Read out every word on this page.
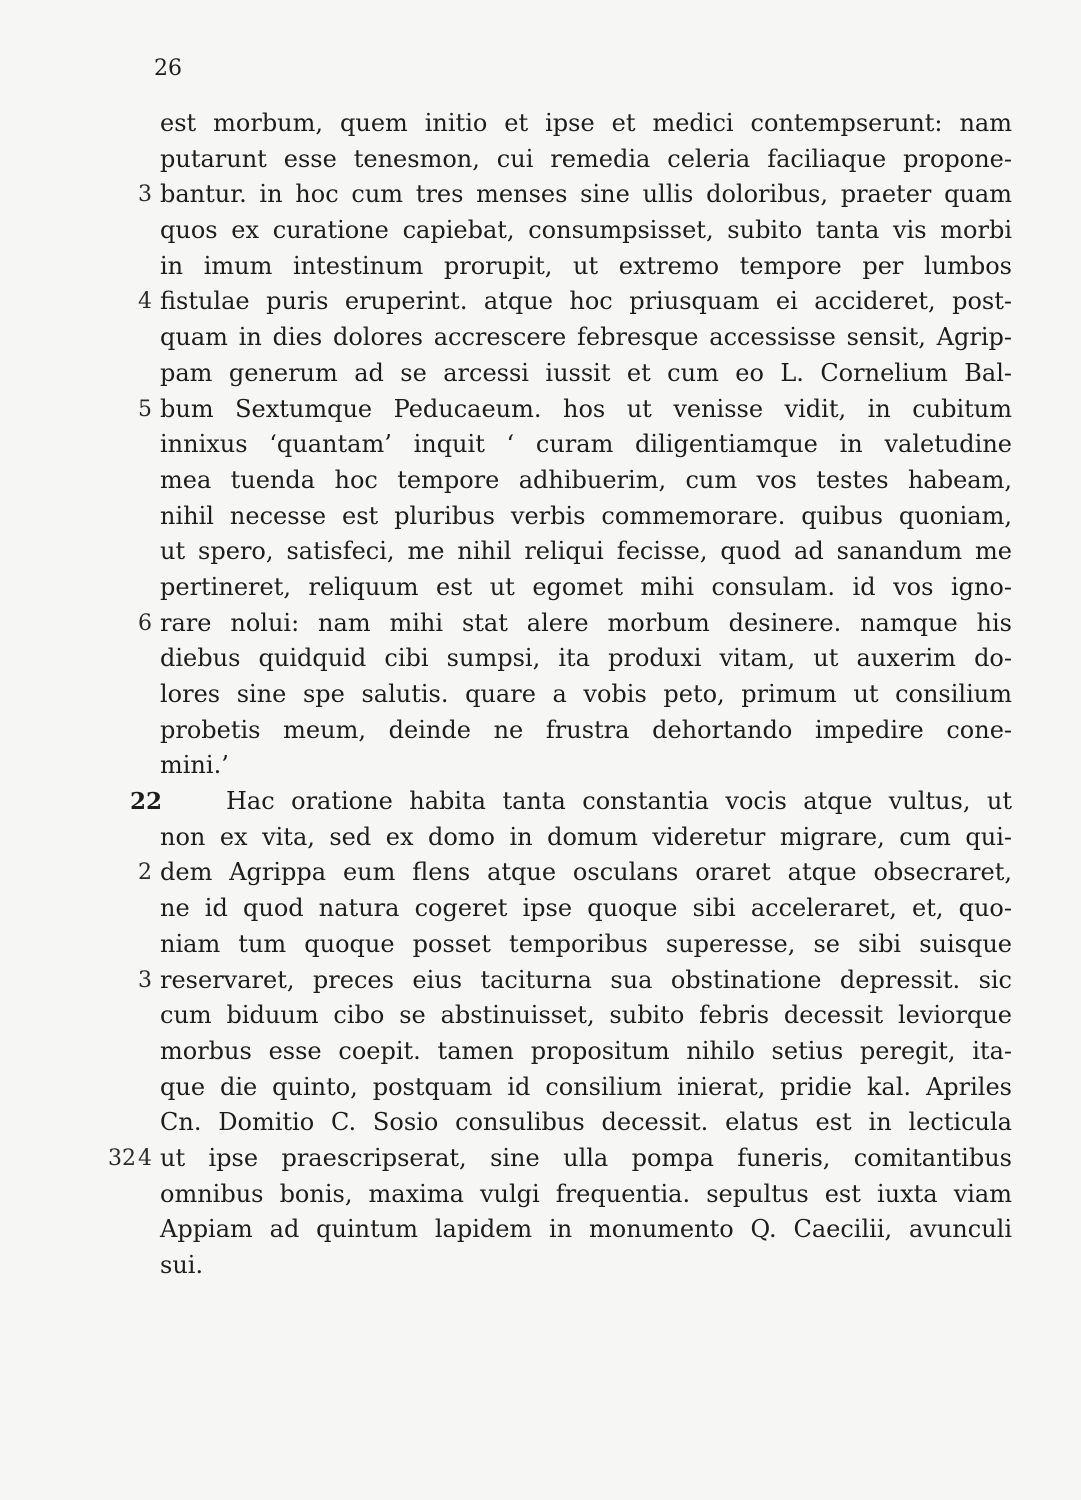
26
est morbum, quem initio et ipse et medici contempserunt: nam
putarunt esse tenesmon, cui remedia celeria faciliaque propone-
3 bantur. in hoc cum tres menses sine ullis doloribus, praeter quam
quos ex curatione capiebat, consumpsisset, subito tanta vis morbi
in imum intestinum prorupit, ut extremo tempore per lumbos
4 fistulae puris eruperint. atque hoc priusquam ei accideret, post-
quam in dies dolores accrescere febresque accessisse sensit, Agrip-
pam generum ad se arcessi iussit et cum eo L. Cornelium Bal-
5 bum Sextumque Peducaeum. hos ut venisse vidit, in cubitum
innixus ‘quantam’ inquit ‘ curam diligentiamque in valetudine
mea tuenda hoc tempore adhibuerim, cum vos testes habeam,
nihil necesse est pluribus verbis commemorare. quibus quoniam,
ut spero, satisfeci, me nihil reliqui fecisse, quod ad sanandum me
pertineret, reliquum est ut egomet mihi consulam. id vos igno-
6 rare nolui: nam mihi stat alere morbum desinere. namque his
diebus quidquid cibi sumpsi, ita produxi vitam, ut auxerim do-
lores sine spe salutis. quare a vobis peto, primum ut consilium
probetis meum, deinde ne frustra dehortando impedire cone-
mini.’
22	Hac oratione habita tanta constantia vocis atque vultus, ut
non ex vita, sed ex domo in domum videretur migrare, cum qui-
2 dem Agrippa eum flens atque osculans oraret atque obsecraret,
ne id quod natura cogeret ipse quoque sibi acceleraret, et, quo-
niam tum quoque posset temporibus superesse, se sibi suisque
3 reservaret, preces eius taciturna sua obstinatione depressit. sic
cum biduum cibo se abstinuisset, subito febris decessit leviorque
morbus esse coepit. tamen propositum nihilo setius peregit, ita-
que die quinto, postquam id consilium inierat, pridie kal. Apriles
Cn. Domitio C. Sosio consulibus decessit. elatus est in lecticula
32 4 ut ipse praescripserat, sine ulla pompa funeris, comitantibus
omnibus bonis, maxima vulgi frequentia. sepultus est iuxta viam
Appiam ad quintum lapidem in monumento Q. Caecilii, avunculi
sui.
